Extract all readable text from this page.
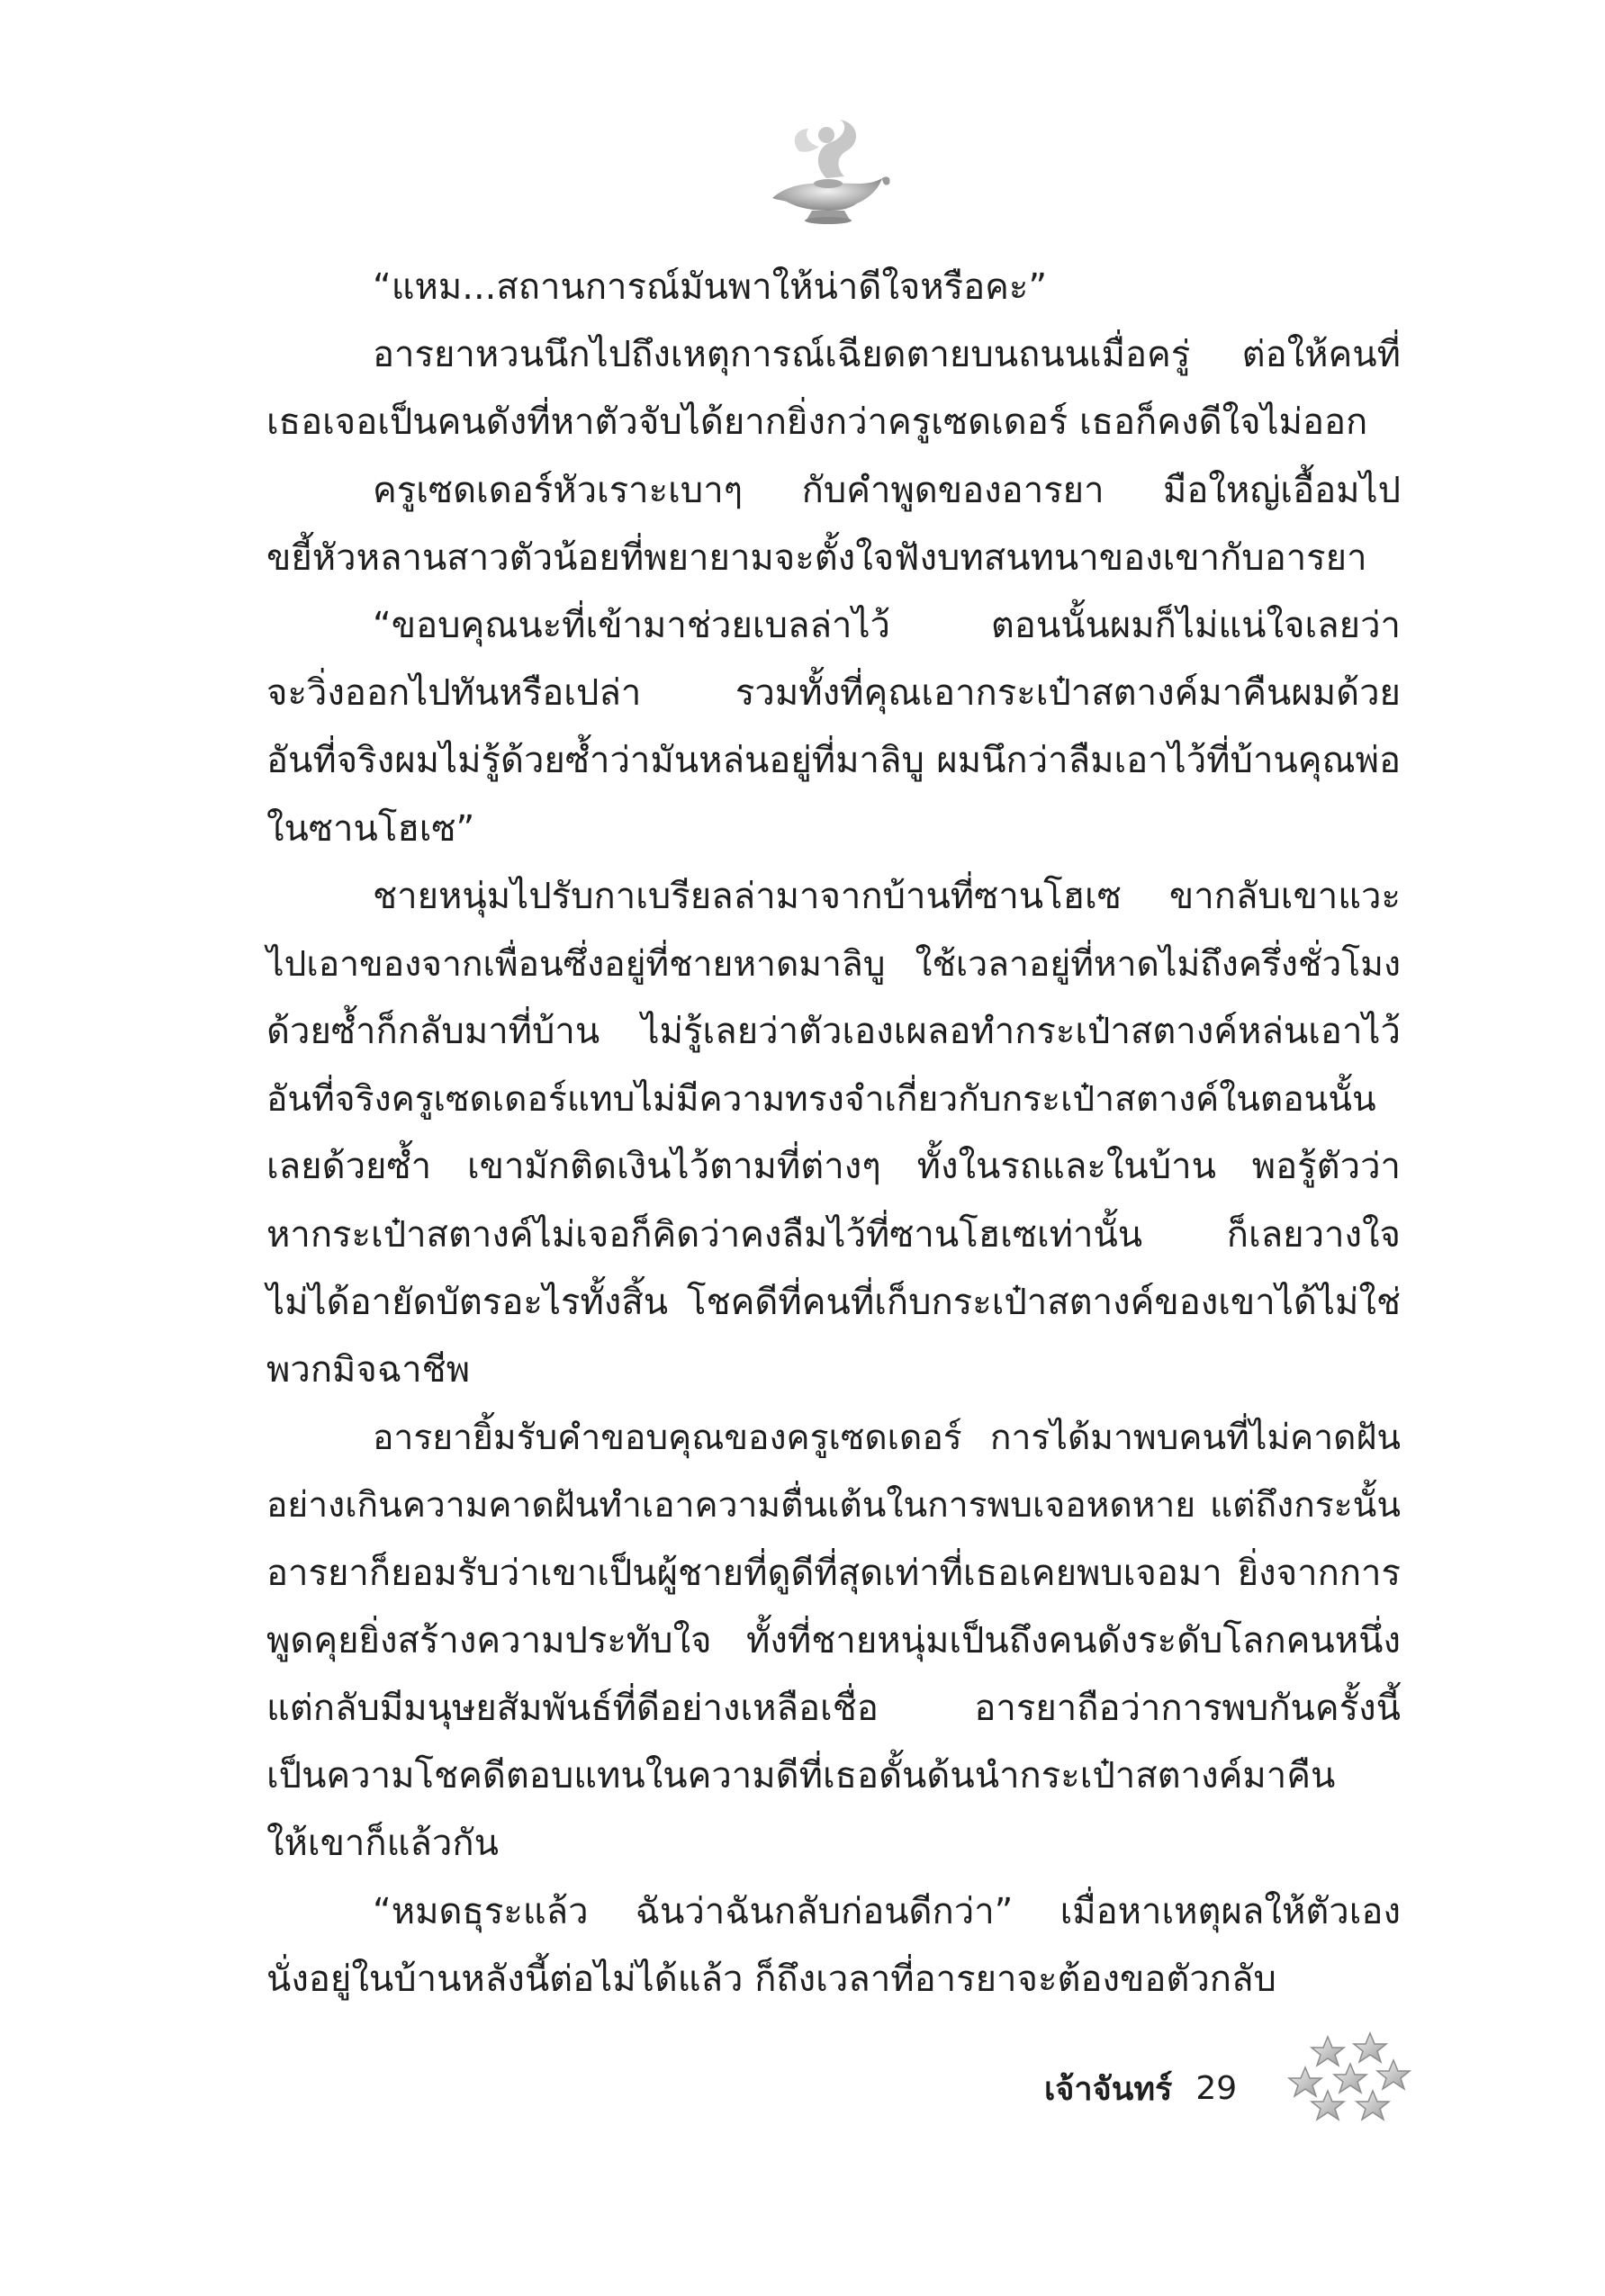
“แหม...สถานการณ์มันพาให้น่าดีใจหรือคะ”
อารยาหวนนึกไปถึงเหตุการณ์เฉียดตายบนถนนเมื่อครู่ ต่อให้คนที่
เธอเจอเป็นคนดังที่หาตัวจับได้ยากยิ่งกว่าครูเซดเดอร์ เธอก็คงดีใจไม่ออก
ครูเซดเดอร์หัวเราะเบาๆ กับคำพูดของอารยา มือใหญ่เอื้อมไป
ขยี้หัวหลานสาวตัวน้อยที่พยายามจะตั้งใจฟังบทสนทนาของเขากับอารยา
“ขอบคุณนะที่เข้ามาช่วยเบลล่าไว้ ตอนนั้นผมก็ไม่แน่ใจเลยว่า
จะวิ่งออกไปทันหรือเปล่า รวมทั้งที่คุณเอากระเป๋าสตางค์มาคืนผมด้วย
อันที่จริงผมไม่รู้ด้วยซ้ำว่ามันหล่นอยู่ที่มาลิบู ผมนึกว่าลืมเอาไว้ที่บ้านคุณพ่อ
ในซานโฮเซ”
ชายหนุ่มไปรับกาเบรียลล่ามาจากบ้านที่ซานโฮเซ ขากลับเขาแวะ
ไปเอาของจากเพื่อนซึ่งอยู่ที่ชายหาดมาลิบู ใช้เวลาอยู่ที่หาดไม่ถึงครึ่งชั่วโมง
ด้วยซ้ำก็กลับมาที่บ้าน ไม่รู้เลยว่าตัวเองเผลอทำกระเป๋าสตางค์หล่นเอาไว้
อันที่จริงครูเซดเดอร์แทบไม่มีความทรงจำเกี่ยวกับกระเป๋าสตางค์ในตอนนั้น
เลยด้วยซ้ำ เขามักติดเงินไว้ตามที่ต่างๆ ทั้งในรถและในบ้าน พอรู้ตัวว่า
หากระเป๋าสตางค์ไม่เจอก็คิดว่าคงลืมไว้ที่ซานโฮเซเท่านั้น ก็เลยวางใจ
ไม่ได้อายัดบัตรอะไรทั้งสิ้น โชคดีที่คนที่เก็บกระเป๋าสตางค์ของเขาได้ไม่ใช่
พวกมิจฉาชีพ
อารยายิ้มรับคำขอบคุณของครูเซดเดอร์ การได้มาพบคนที่ไม่คาดฝัน
อย่างเกินความคาดฝันทำเอาความตื่นเต้นในการพบเจอหดหาย แต่ถึงกระนั้น
อารยาก็ยอมรับว่าเขาเป็นผู้ชายที่ดูดีที่สุดเท่าที่เธอเคยพบเจอมา ยิ่งจากการ
พูดคุยยิ่งสร้างความประทับใจ ทั้งที่ชายหนุ่มเป็นถึงคนดังระดับโลกคนหนึ่ง
แต่กลับมีมนุษยสัมพันธ์ที่ดีอย่างเหลือเชื่อ อารยาถือว่าการพบกันครั้งนี้
เป็นความโชคดีตอบแทนในความดีที่เธอดั้นด้นนำกระเป๋าสตางค์มาคืน
ให้เขาก็แล้วกัน
“หมดธุระแล้ว ฉันว่าฉันกลับก่อนดีกว่า” เมื่อหาเหตุผลให้ตัวเอง
นั่งอยู่ในบ้านหลังนี้ต่อไม่ได้แล้ว ก็ถึงเวลาที่อารยาจะต้องขอตัวกลับ
เจ้าจันทร์ 29
